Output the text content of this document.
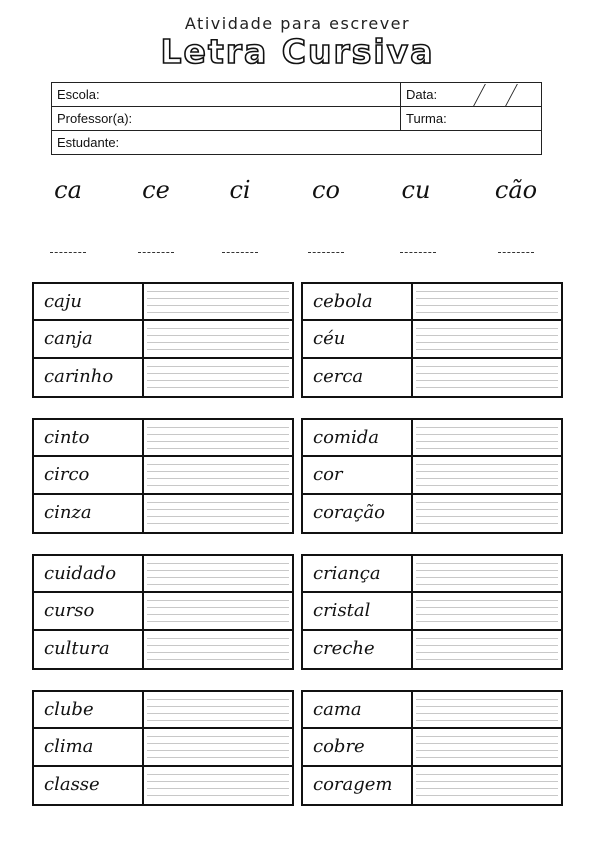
Atividade para escrever
Letra Cursiva
Escola:	Data:
Professor(a):	Turma:
Estudante:
ca	ce	ci	co	cu	cão
caju
canja
carinho
cebola
céu
cerca
cinto
circo
cinza
comida
cor
coração
cuidado
curso
cultura
criança
cristal
creche
clube
clima
classe
cama
cobre
coragem
